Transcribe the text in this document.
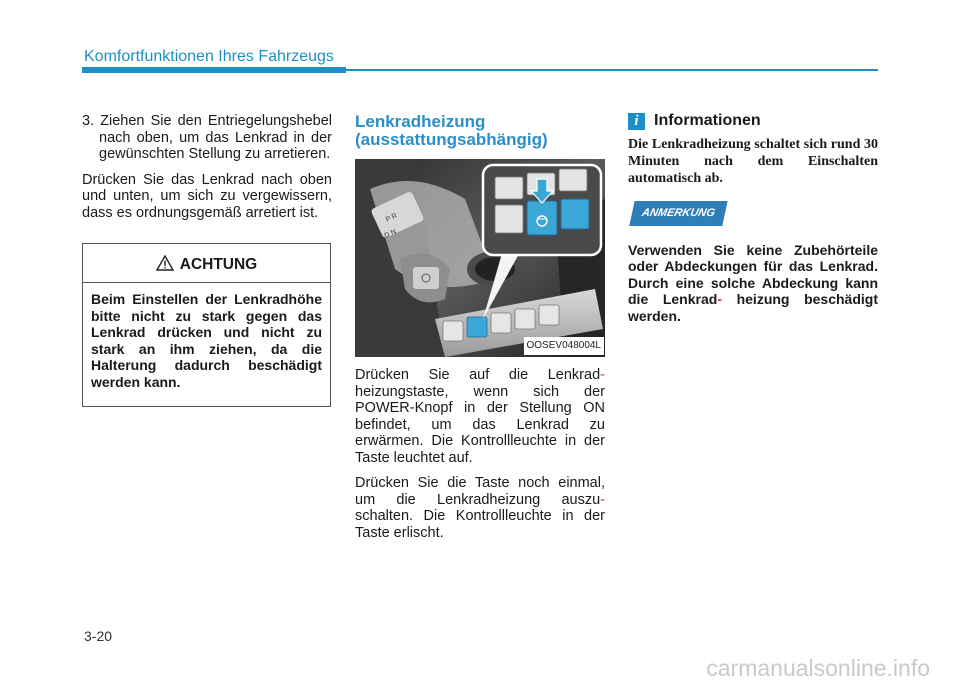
Komfortfunktionen Ihres Fahrzeugs

3. Ziehen Sie den Entriegelungshebel nach oben, um das Lenkrad in der gewünschten Stellung zu arretieren.

Drücken Sie das Lenkrad nach oben und unten, um sich zu vergewissern, dass es ordnungsgemäß arretiert ist.

ACHTUNG
Beim Einstellen der Lenkradhöhe bitte nicht zu stark gegen das Lenkrad drücken und nicht zu stark an ihm ziehen, da die Halterung dadurch beschädigt werden kann.
Lenkradheizung
(ausstattungsabhängig)
P R
D N
OOSEV048004L

Drücken Sie auf die Lenkrad- heizungstaste, wenn sich der POWER-Knopf in der Stellung ON befindet, um das Lenkrad zu erwärmen. Die Kontrollleuchte in der Taste leuchtet auf.

Drücken Sie die Taste noch einmal, um die Lenkradheizung auszu- schalten. Die Kontrollleuchte in der Taste erlischt.

i Informationen

Die Lenkradheizung schaltet sich rund 30 Minuten nach dem Einschalten automatisch ab.

ANMERKUNG

Verwenden Sie keine Zubehörteile oder Abdeckungen für das Lenkrad. Durch eine solche Abdeckung kann die Lenkrad- heizung beschädigt werden.

3-20
carmanualsonline.info
